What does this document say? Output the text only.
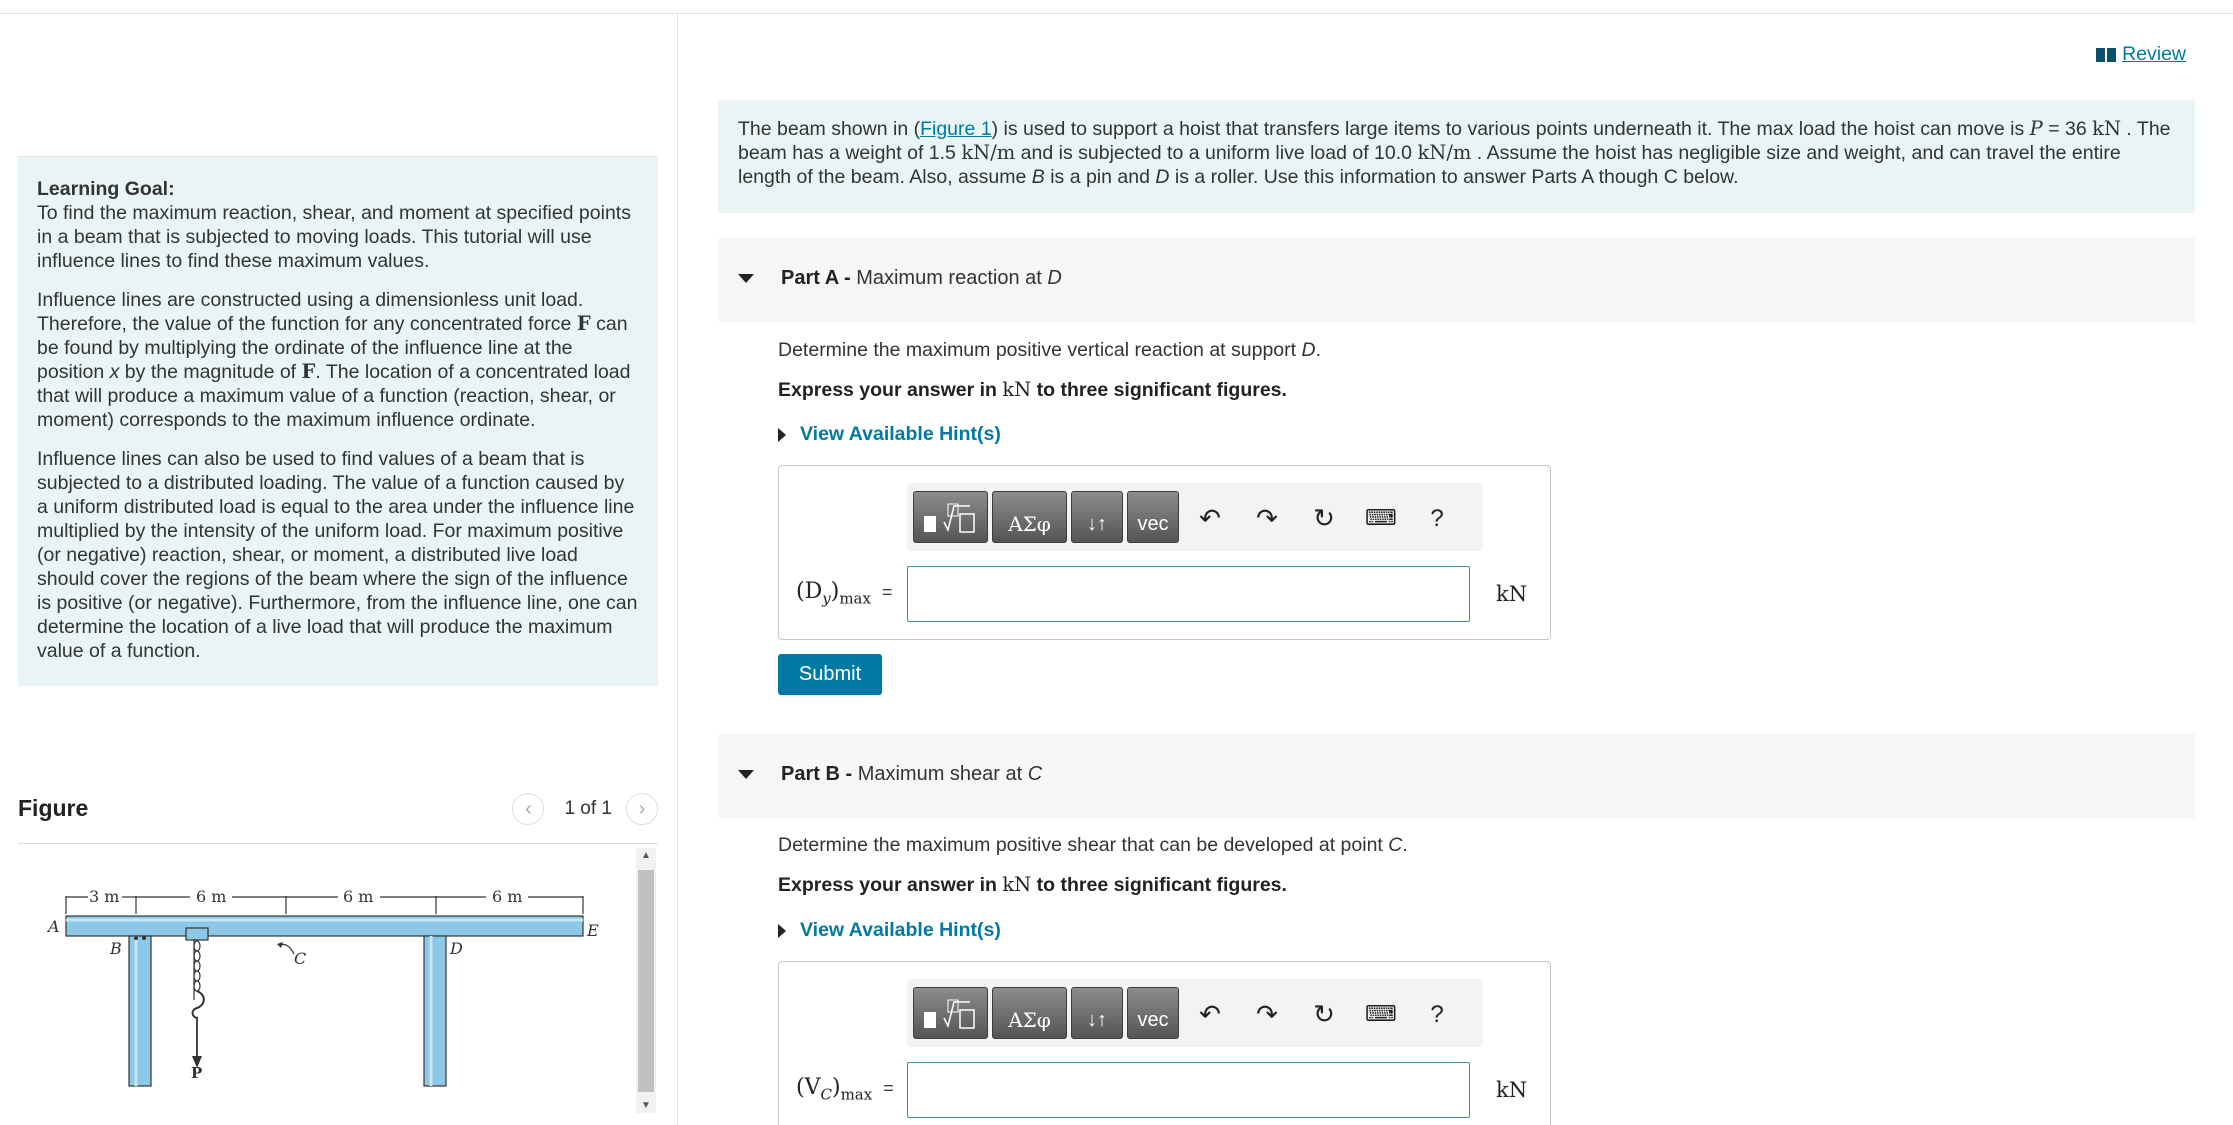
Learning Goal:
To find the maximum reaction, shear, and moment at specified points in a beam that is subjected to moving loads. This tutorial will use influence lines to find these maximum values.

Influence lines are constructed using a dimensionless unit load. Therefore, the value of the function for any concentrated force F can be found by multiplying the ordinate of the influence line at the position x by the magnitude of F. The location of a concentrated load that will produce a maximum value of a function (reaction, shear, or moment) corresponds to the maximum influence ordinate.

Influence lines can also be used to find values of a beam that is subjected to a distributed loading. The value of a function caused by a uniform distributed load is equal to the area under the influence line multiplied by the intensity of the uniform load. For maximum positive (or negative) reaction, shear, or moment, a distributed live load should cover the regions of the beam where the sign of the influence is positive (or negative). Furthermore, from the influence line, one can determine the location of a live load that will produce the maximum value of a function.

Figure	‹ 1 of 1 ›
3 m	6 m	6 m	6 m
A
B
C
D
E
P
▲
▼
Review
The beam shown in (Figure 1) is used to support a hoist that transfers large items to various points underneath it. The max load the hoist can move is P = 36 kN . The beam has a weight of 1.5 kN/m and is subjected to a uniform live load of 10.0 kN/m . Assume the hoist has negligible size and weight, and can travel the entire length of the beam. Also, assume B is a pin and D is a roller. Use this information to answer Parts A though C below.
Part A - Maximum reaction at D
Determine the maximum positive vertical reaction at support D.
Express your answer in kN to three significant figures.
View Available Hint(s)
ΑΣφ	↓↑	vec	↶ ↷ ↻ ⌨	?
$(D_y)_{max}$ =	kN
Submit
Part B - Maximum shear at C
Determine the maximum positive shear that can be developed at point C.
Express your answer in kN to three significant figures.
View Available Hint(s)
ΑΣφ	↓↑	vec	↶ ↷ ↻ ⌨	?
$(V_C)_{max}$ =	kN
